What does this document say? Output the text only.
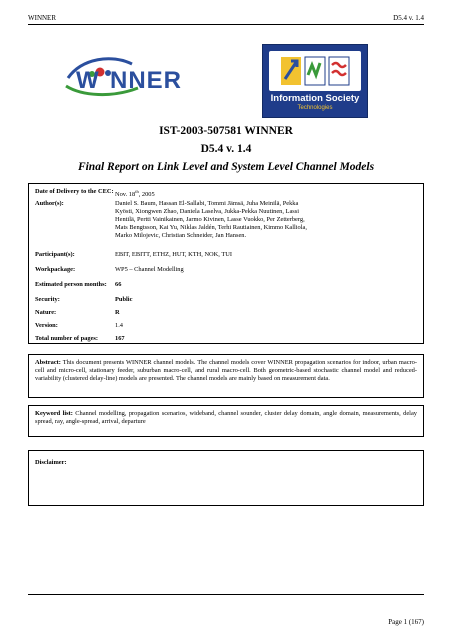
WINNER	D5.4 v. 1.4
W NNER
Information Society
Technologies
IST-2003-507581 WINNER
D5.4 v. 1.4
Final Report on Link Level and System Level Channel Models
Date of Delivery to the CEC: Nov. 18th, 2005
Author(s):	Daniel S. Baum, Hassan El-Sallabi, Tommi Jämsä, Juha Meinilä, Pekka Kyösti, Xiongwen Zhao, Daniela Laselva, Jukka-Pekka Nuutinen, Lassi Hentilä, Pertti Vainikainen, Jarmo Kivinen, Lasse Vuokko, Per Zetterberg, Mats Bengtsson, Kai Yu, Niklas Jaldén, Terhi Rautiainen, Kimmo Kalliola, Marko Milojevic, Christian Schneider, Jan Hansen.
Participant(s):	EBIT, EBITT, ETHZ, HUT, KTH, NOK, TUI
Workpackage:	WP5 – Channel Modelling
Estimated person months:	66
Security:	Public
Nature:	R
Version:	1.4
Total number of pages:	167
Abstract: This document presents WINNER channel models. The channel models cover WINNER propagation scenarios for indoor, urban macro-cell and micro-cell, stationary feeder, suburban macro-cell, and rural macro-cell. Both geometric-based stochastic channel model and reduced-variability (clustered delay-line) models are presented. The channel models are mainly based on measurement data.
Keyword list: Channel modelling, propagation scenarios, wideband, channel sounder, cluster delay domain, angle domain, measurements, delay spread, ray, angle-spread, arrival, departure
Disclaimer:
Page 1 (167)
